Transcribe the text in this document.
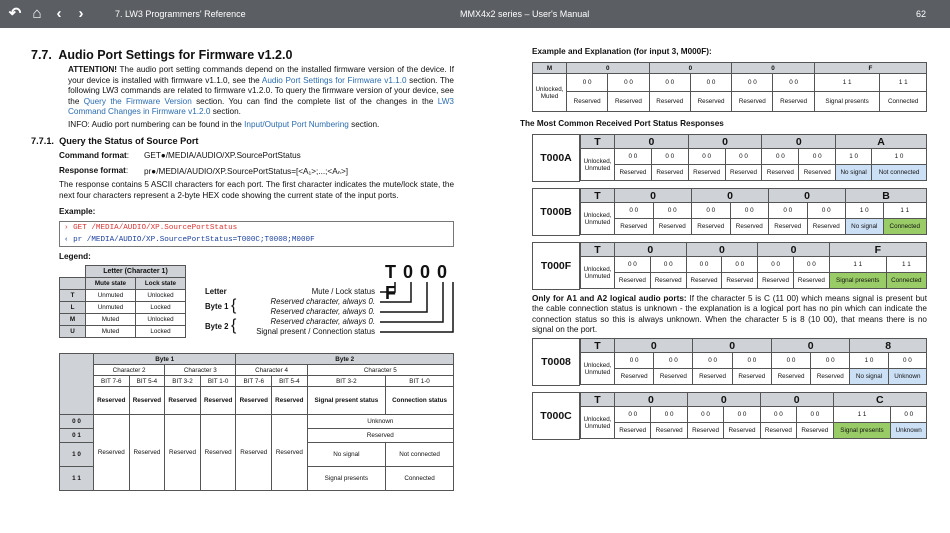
↶ ⌂ ‹	›	7. LW3 Programmers' Reference	MMX4x2 series – User's Manual	62
7.7. Audio Port Settings for Firmware v1.2.0
ATTENTION! The audio port setting commands depend on the installed firmware version of the device. If your device is installed with firmware v1.1.0, see the Audio Port Settings for Firmware v1.1.0 section. The following LW3 commands are related to firmware v1.2.0. To query the firmware version of your device, see the Query the Firmware Version section. You can find the complete list of the changes in the LW3 Command Changes in Firmware v1.2.0 section.
INFO: Audio port numbering can be found in the Input/Output Port Numbering section.
7.7.1. Query the Status of Source Port
Command format: GET●/MEDIA/AUDIO/XP.SourcePortStatus
Response format: pr●/MEDIA/AUDIO/XP.SourcePortStatus=[<A₁>;...;<Aₙ>]
The response contains 5 ASCII characters for each port. The first character indicates the mute/lock state, the next four characters represent a 2-byte HEX code showing the current state of the input ports.
Example:
› GET /MEDIA/AUDIO/XP.SourcePortStatus
‹ pr /MEDIA/AUDIO/XP.SourcePortStatus=T000C;T0008;M000F
Legend:
	Letter (Character 1)	
	Mute state	Lock state
T	Unmuted	Unlocked
L	Unmuted	Locked
M	Muted	Unlocked
U	Muted	Locked
T 0 0 0 F
Letter
Byte 1
Byte 2
Mute / Lock status
Reserved character, always 0.
Reserved character, always 0.
Reserved character, always 0.
Signal present / Connection status
{
{
	Byte 1				Byte 2			
	Character 2		Character 3		Character 4		Character 5	
	BIT 7-6	BIT 5-4	BIT 3-2	BIT 1-0	BIT 7-6	BIT 5-4	BIT 3-2	BIT 1-0
	Reserved	Reserved	Reserved	Reserved	Reserved	Reserved	Signal present status	Connection status
0 0	Reserved	Reserved	Reserved	Reserved	Reserved	Reserved	Unknown	
0 1							Reserved	
1 0							No signal	Not connected
1 1							Signal presents	Connected
Example and Explanation (for input 3, M000F):
M	0		0		0		F	
Unlocked, Muted	0 0	0 0	0 0	0 0	0 0	0 0	1 1	1 1
	Reserved	Reserved	Reserved	Reserved	Reserved	Reserved	Signal presents	Connected
The Most Common Received Port Status Responses
T000A
T	0		0		0		A	
Unlocked, Unmuted	0 0	0 0	0 0	0 0	0 0	0 0	1 0	1 0
	Reserved	Reserved	Reserved	Reserved	Reserved	Reserved	No signal	Not connected
T000B
T	0		0		0		B	
Unlocked, Unmuted	0 0	0 0	0 0	0 0	0 0	0 0	1 0	1 1
	Reserved	Reserved	Reserved	Reserved	Reserved	Reserved	No signal	Connected
T000F
T	0		0		0		F	
Unlocked, Unmuted	0 0	0 0	0 0	0 0	0 0	0 0	1 1	1 1
	Reserved	Reserved	Reserved	Reserved	Reserved	Reserved	Signal presents	Connected
T0008
T	0		0		0		8	
Unlocked, Unmuted	0 0	0 0	0 0	0 0	0 0	0 0	1 0	0 0
	Reserved	Reserved	Reserved	Reserved	Reserved	Reserved	No signal	Unknown
T000C
T	0		0		0		C	
Unlocked, Unmuted	0 0	0 0	0 0	0 0	0 0	0 0	1 1	0 0
	Reserved	Reserved	Reserved	Reserved	Reserved	Reserved	Signal presents	Unknown
Only for A1 and A2 logical audio ports: If the character 5 is C (11 00) which means signal is present but the cable connection status is unknown - the explanation is a logical port has no pin which can indicate the connection status so this is always unknown. When the character 5 is 8 (10 00), that means there is no signal on the port.
